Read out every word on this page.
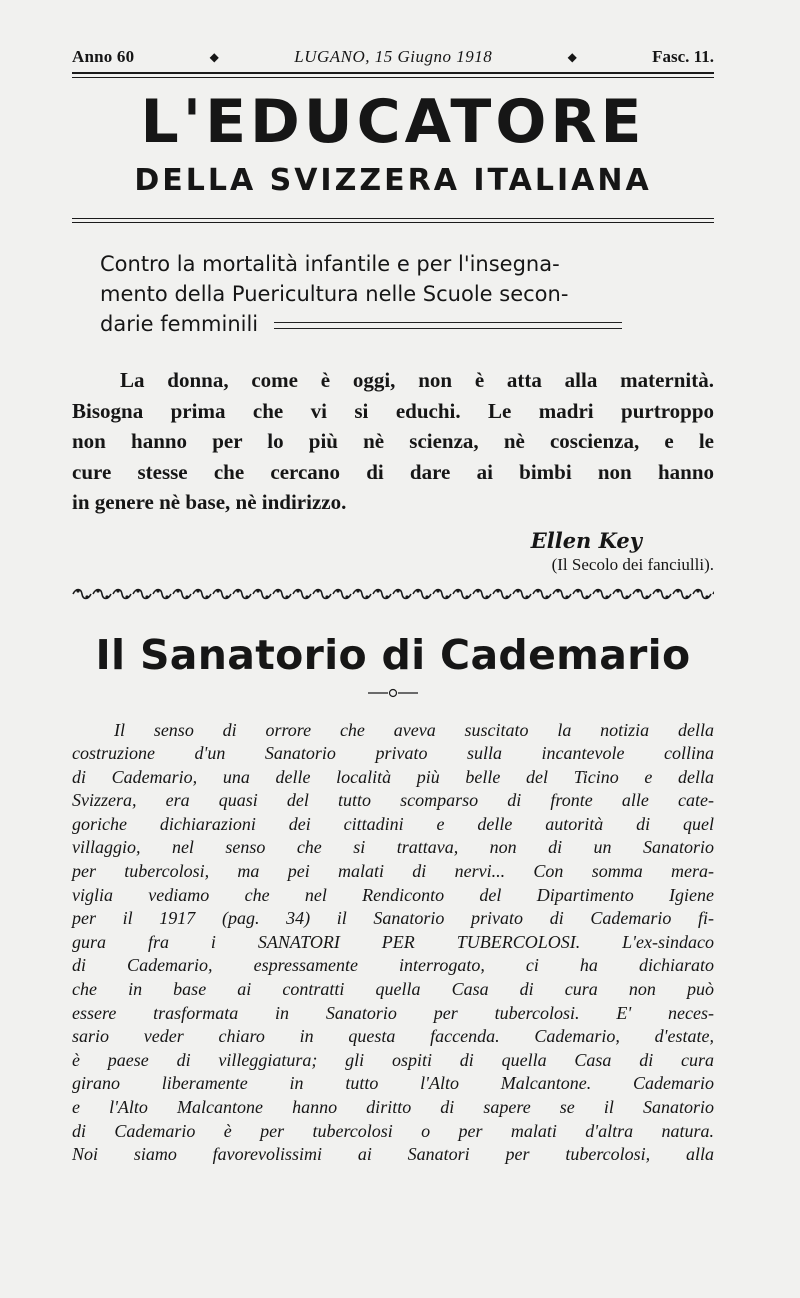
Anno 60	◆	LUGANO, 15 Giugno 1918	◆	Fasc. 11.
L'EDUCATORE
DELLA SVIZZERA ITALIANA
Contro la mortalità infantile e per l'insegna-
mento della Puericultura nelle Scuole secon-
darie femminili
La donna, come è oggi, non è atta alla maternità.
Bisogna prima che vi si educhi. Le madri purtroppo
non hanno per lo più nè scienza, nè coscienza, e le
cure stesse che cercano di dare ai bimbi non hanno
in genere nè base, nè indirizzo.
Ellen Key
(Il Secolo dei fanciulli).
Il Sanatorio di Cademario
Il senso di orrore che aveva suscitato la notizia della
costruzione d'un Sanatorio privato sulla incantevole collina
di Cademario, una delle località più belle del Ticino e della
Svizzera, era quasi del tutto scomparso di fronte alle cate-
goriche dichiarazioni dei cittadini e delle autorità di quel
villaggio, nel senso che si trattava, non di un Sanatorio
per tubercolosi, ma pei malati di nervi... Con somma mera-
viglia vediamo che nel Rendiconto del Dipartimento Igiene
per il 1917 (pag. 34) il Sanatorio privato di Cademario fi-
gura fra i SANATORI PER TUBERCOLOSI. L'ex-sindaco
di Cademario, espressamente interrogato, ci ha dichiarato
che in base ai contratti quella Casa di cura non può
essere trasformata in Sanatorio per tubercolosi. E' neces-
sario veder chiaro in questa faccenda. Cademario, d'estate,
è paese di villeggiatura; gli ospiti di quella Casa di cura
girano liberamente in tutto l'Alto Malcantone. Cademario
e l'Alto Malcantone hanno diritto di sapere se il Sanatorio
di Cademario è per tubercolosi o per malati d'altra natura.
Noi siamo favorevolissimi ai Sanatori per tubercolosi, alla
